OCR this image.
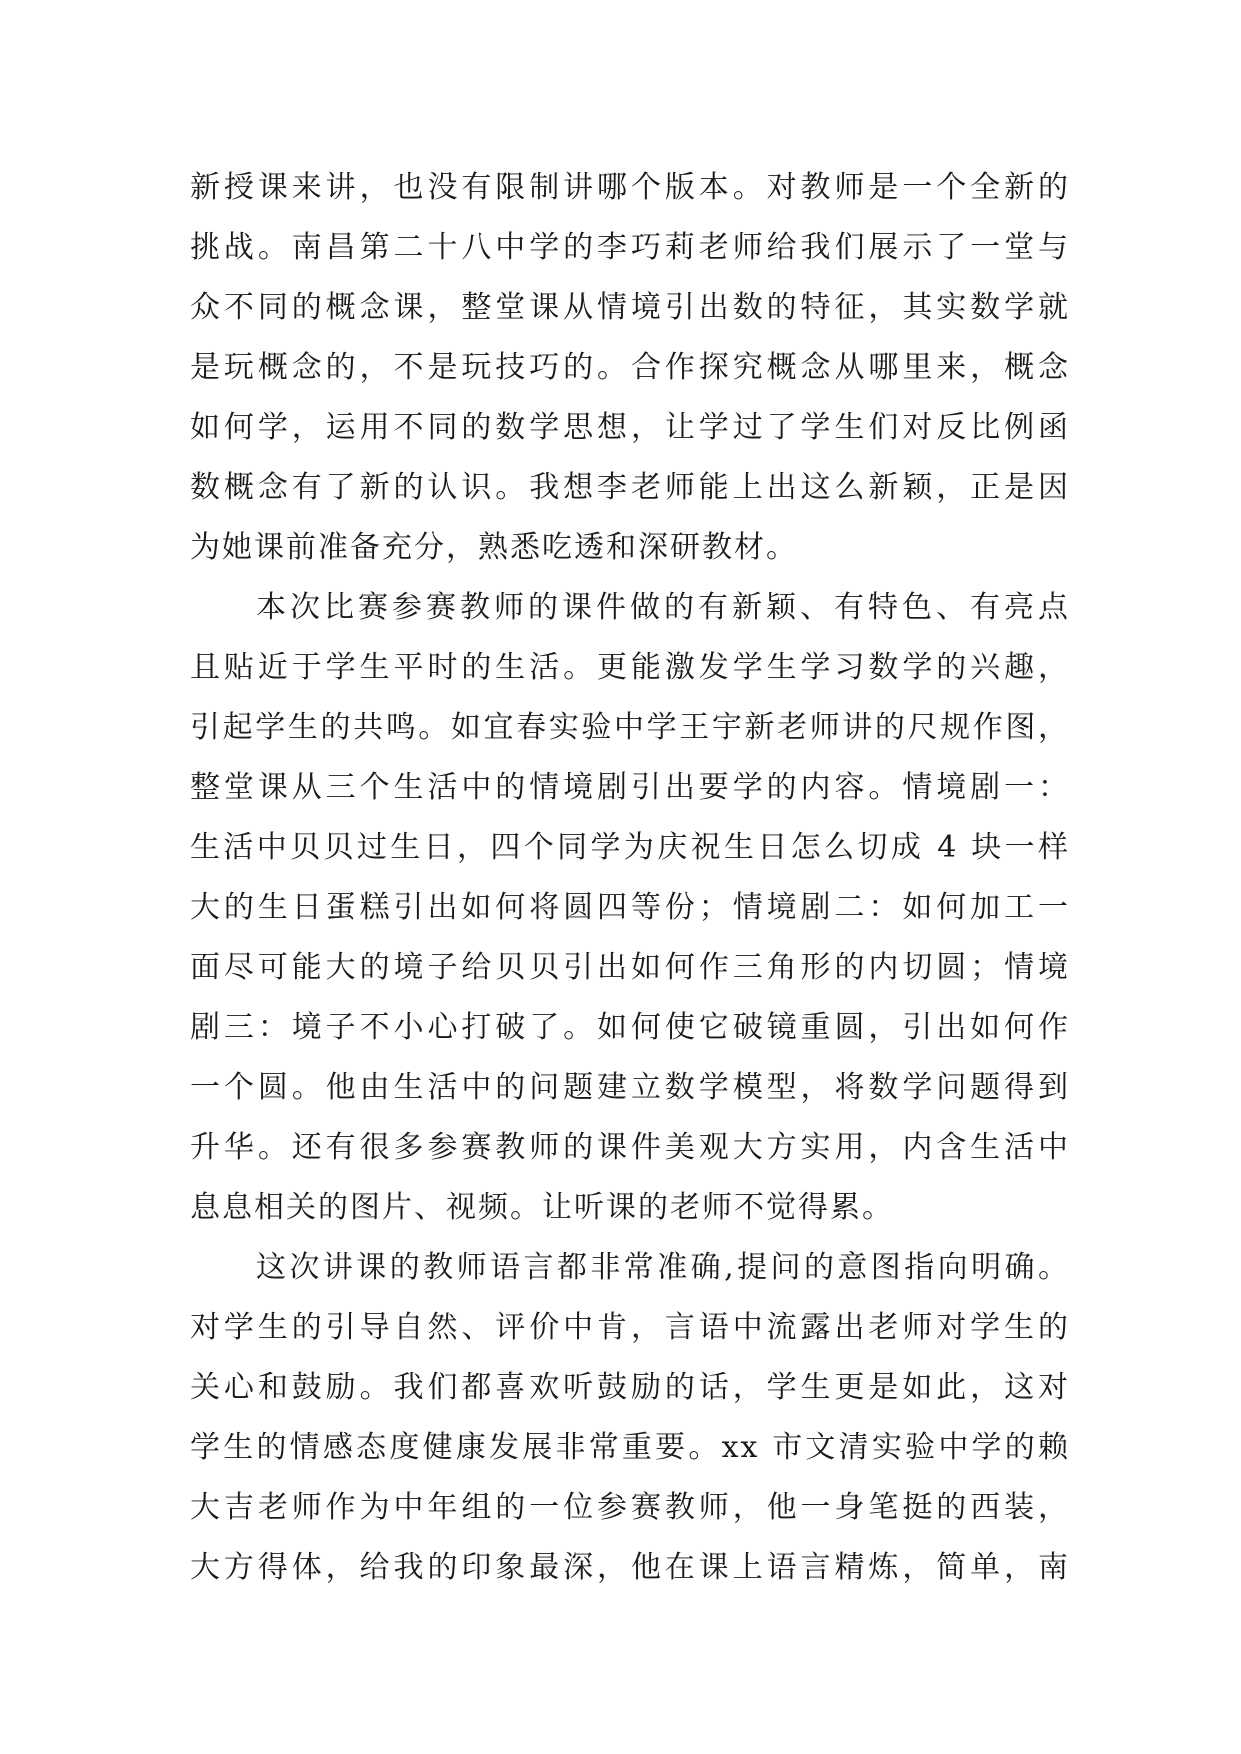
新授课来讲，也没有限制讲哪个版本。对教师是一个全新的
挑战。南昌第二十八中学的李巧莉老师给我们展示了一堂与
众不同的概念课，整堂课从情境引出数的特征，其实数学就
是玩概念的，不是玩技巧的。合作探究概念从哪里来，概念
如何学，运用不同的数学思想，让学过了学生们对反比例函
数概念有了新的认识。我想李老师能上出这么新颖，正是因
为她课前准备充分，熟悉吃透和深研教材。
本次比赛参赛教师的课件做的有新颖、有特色、有亮点
且贴近于学生平时的生活。更能激发学生学习数学的兴趣，
引起学生的共鸣。如宜春实验中学王宇新老师讲的尺规作图，
整堂课从三个生活中的情境剧引出要学的内容。情境剧一：
生活中贝贝过生日，四个同学为庆祝生日怎么切成 4 块一样
大的生日蛋糕引出如何将圆四等份；情境剧二：如何加工一
面尽可能大的境子给贝贝引出如何作三角形的内切圆；情境
剧三：境子不小心打破了。如何使它破镜重圆，引出如何作
一个圆。他由生活中的问题建立数学模型，将数学问题得到
升华。还有很多参赛教师的课件美观大方实用，内含生活中
息息相关的图片、视频。让听课的老师不觉得累。
这次讲课的教师语言都非常准确,提问的意图指向明确。
对学生的引导自然、评价中肯，言语中流露出老师对学生的
关心和鼓励。我们都喜欢听鼓励的话，学生更是如此，这对
学生的情感态度健康发展非常重要。xx 市文清实验中学的赖
大吉老师作为中年组的一位参赛教师，他一身笔挺的西装，
大方得体，给我的印象最深，他在课上语言精炼，简单，南
